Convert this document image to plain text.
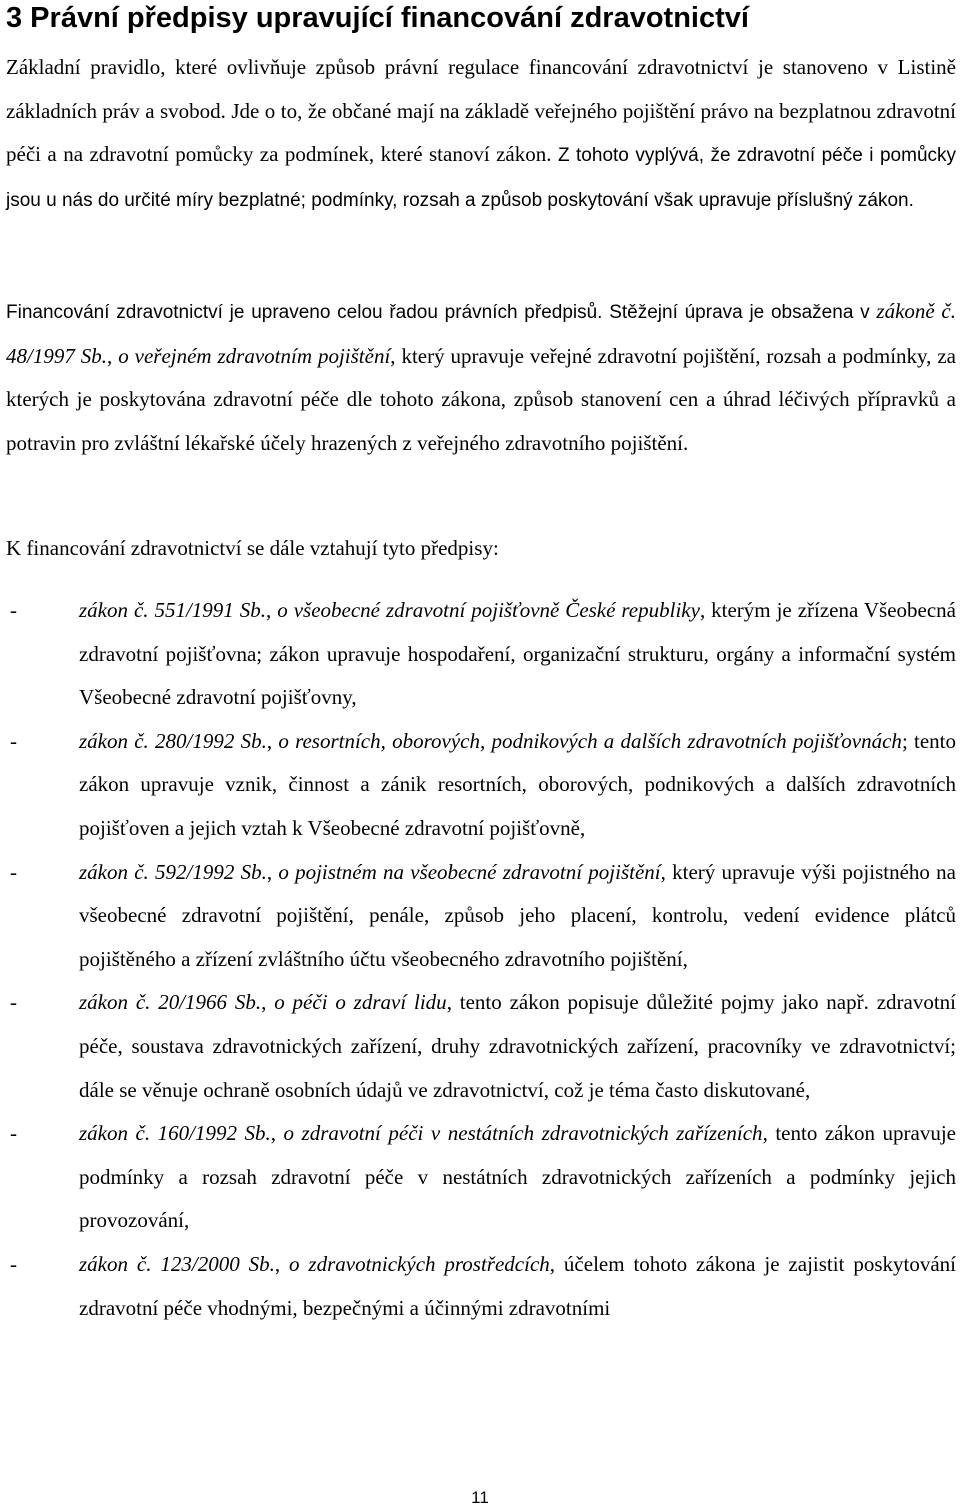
3 Právní předpisy upravující financování zdravotnictví

Základní pravidlo, které ovlivňuje způsob právní regulace financování zdravotnictví je stanoveno v Listině základních práv a svobod. Jde o to, že občané mají na základě veřejného pojištění právo na bezplatnou zdravotní péči a na zdravotní pomůcky za podmínek, které stanoví zákon. Z tohoto vyplývá, že zdravotní péče i pomůcky jsou u nás do určité míry bezplatné; podmínky, rozsah a způsob poskytování však upravuje příslušný zákon.

Financování zdravotnictví je upraveno celou řadou právních předpisů. Stěžejní úprava je obsažena v zákoně č. 48/1997 Sb., o veřejném zdravotním pojištění, který upravuje veřejné zdravotní pojištění, rozsah a podmínky, za kterých je poskytována zdravotní péče dle tohoto zákona, způsob stanovení cen a úhrad léčivých přípravků a potravin pro zvláštní lékařské účely hrazených z veřejného zdravotního pojištění.

K financování zdravotnictví se dále vztahují tyto předpisy:

- zákon č. 551/1991 Sb., o všeobecné zdravotní pojišťovně České republiky, kterým je zřízena Všeobecná zdravotní pojišťovna; zákon upravuje hospodaření, organizační strukturu, orgány a informační systém Všeobecné zdravotní pojišťovny,
- zákon č. 280/1992 Sb., o resortních, oborových, podnikových a dalších zdravotních pojišťovnách; tento zákon upravuje vznik, činnost a zánik resortních, oborových, podnikových a dalších zdravotních pojišťoven a jejich vztah k Všeobecné zdravotní pojišťovně,
- zákon č. 592/1992 Sb., o pojistném na všeobecné zdravotní pojištění, který upravuje výši pojistného na všeobecné zdravotní pojištění, penále, způsob jeho placení, kontrolu, vedení evidence plátců pojištěného a zřízení zvláštního účtu všeobecného zdravotního pojištění,
- zákon č. 20/1966 Sb., o péči o zdraví lidu, tento zákon popisuje důležité pojmy jako např. zdravotní péče, soustava zdravotnických zařízení, druhy zdravotnických zařízení, pracovníky ve zdravotnictví; dále se věnuje ochraně osobních údajů ve zdravotnictví, což je téma často diskutované,
- zákon č. 160/1992 Sb., o zdravotní péči v nestátních zdravotnických zařízeních, tento zákon upravuje podmínky a rozsah zdravotní péče v nestátních zdravotnických zařízeních a podmínky jejich provozování,
- zákon č. 123/2000 Sb., o zdravotnických prostředcích, účelem tohoto zákona je zajistit poskytování zdravotní péče vhodnými, bezpečnými a účinnými zdravotními
11
